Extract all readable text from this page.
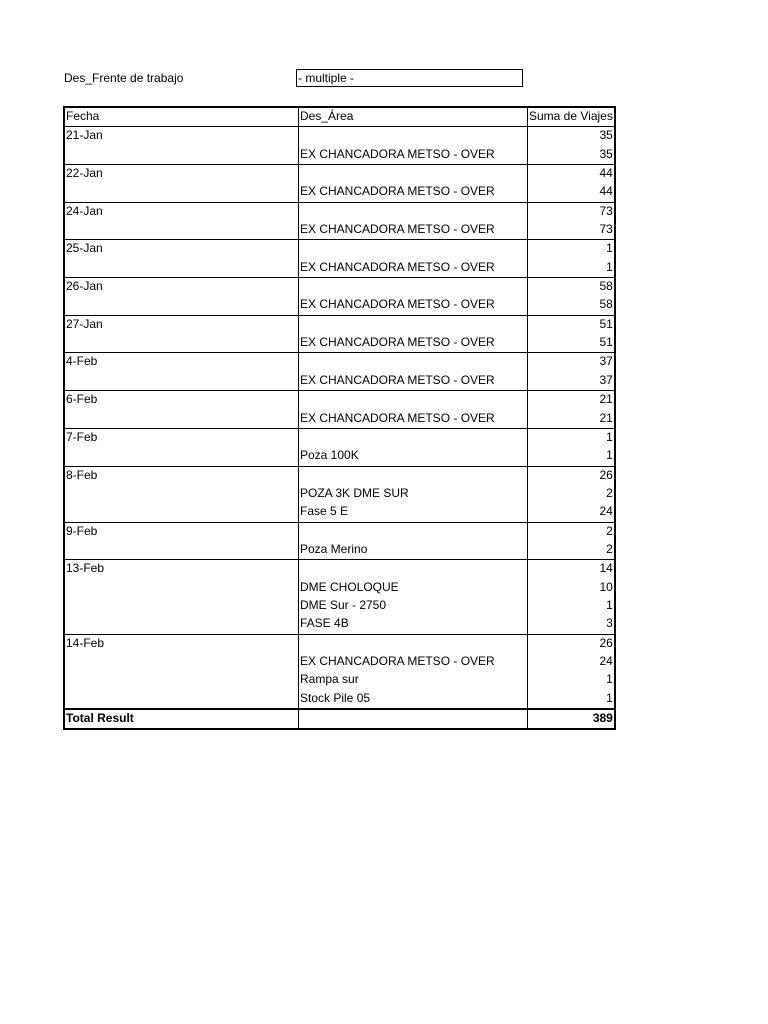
Des_Frente de trabajo	- multiple -
Fecha	Des_Área	Suma de Viajes
21-Jan		35
	EX CHANCADORA METSO - OVER	35
22-Jan		44
	EX CHANCADORA METSO - OVER	44
24-Jan		73
	EX CHANCADORA METSO - OVER	73
25-Jan		1
	EX CHANCADORA METSO - OVER	1
26-Jan		58
	EX CHANCADORA METSO - OVER	58
27-Jan		51
	EX CHANCADORA METSO - OVER	51
4-Feb		37
	EX CHANCADORA METSO - OVER	37
6-Feb		21
	EX CHANCADORA METSO - OVER	21
7-Feb		1
	Poza 100K	1
8-Feb		26
	POZA 3K DME SUR	2
	Fase 5 E	24
9-Feb		2
	Poza Merino	2
13-Feb		14
	DME CHOLOQUE	10
	DME Sur - 2750	1
	FASE 4B	3
14-Feb		26
	EX CHANCADORA METSO - OVER	24
	Rampa sur	1
	Stock Pile 05	1
Total Result		389
